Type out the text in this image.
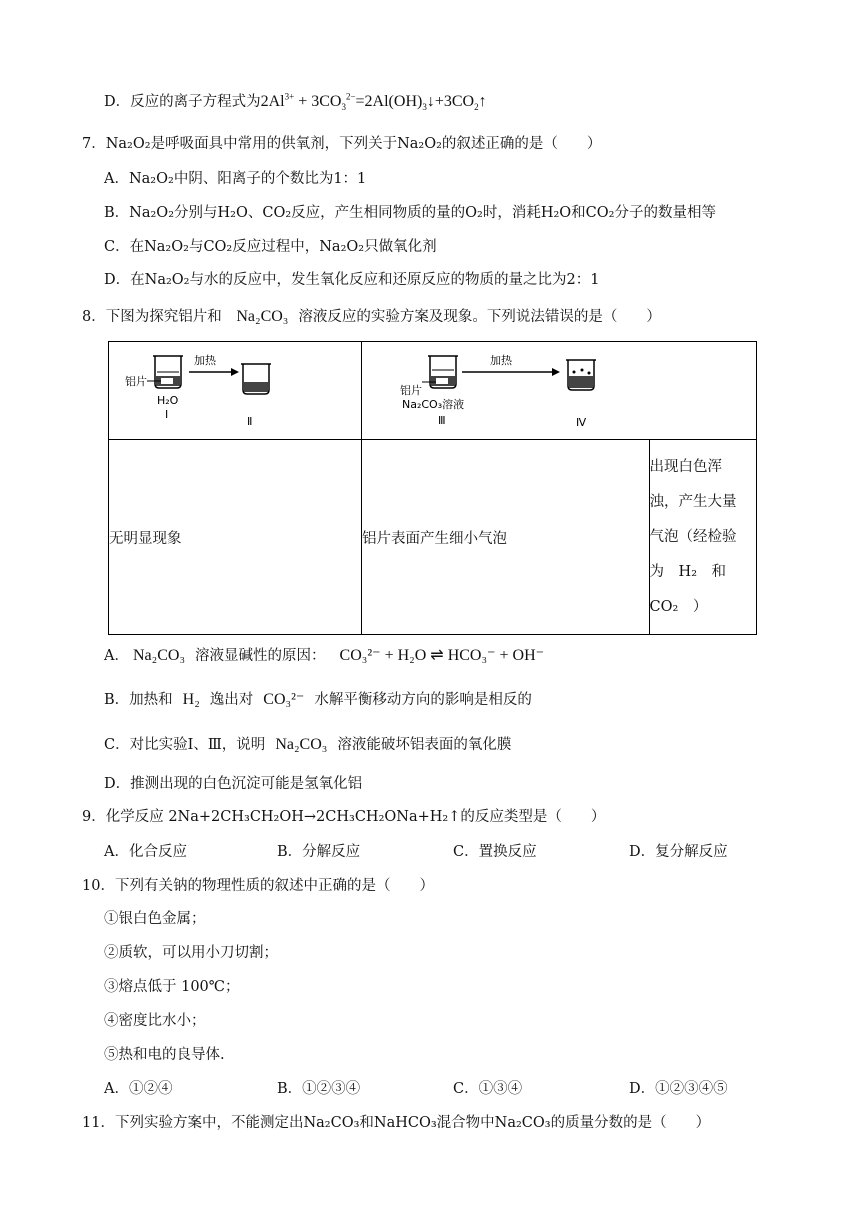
D．反应的离子方程式为$2Al^{3+}$ + $3CO_3^{2-}=2Al(OH)_3↓+3CO_2↑$
7．Na₂O₂是呼吸面具中常用的供氧剂，下列关于Na₂O₂的叙述正确的是（　　）
A．Na₂O₂中阴、阳离子的个数比为1：1
B．Na₂O₂分别与H₂O、CO₂反应，产生相同物质的量的O₂时，消耗H₂O和CO₂分子的数量相等
C．在Na₂O₂与CO₂反应过程中，Na₂O₂只做氧化剂
D．在Na₂O₂与水的反应中，发生氧化反应和还原反应的物质的量之比为2：1
8．下图为探究铝片和 Na₂CO₃ 溶液反应的实验方案及现象。下列说法错误的是（　　）
加热
铝片
H₂O
Ⅰ
Ⅱ	加热
铝片
Na₂CO₃溶液
Ⅲ Ⅳ	

无明显现象	铝片表面产生细小气泡	出现白色浑
浊，产生大量
气泡（经检验
为　H₂　和
CO₂　）
A． Na₂CO₃ 溶液显碱性的原因： CO₃²⁻ + H₂O ⇌ HCO₃⁻ + OH⁻
B．加热和 H₂ 逸出对 CO₃²⁻ 水解平衡移动方向的影响是相反的
C．对比实验Ⅰ、Ⅲ，说明 Na₂CO₃ 溶液能破坏铝表面的氧化膜
D．推测出现的白色沉淀可能是氢氧化铝
9．化学反应 2Na+2CH₃CH₂OH→2CH₃CH₂ONa+H₂↑的反应类型是（　　）
A．化合反应	B．分解反应	C．置换反应	D．复分解反应
10．下列有关钠的物理性质的叙述中正确的是（　　）
①银白色金属；
②质软，可以用小刀切割；
③熔点低于 100℃；
④密度比水小；
⑤热和电的良导体.
A．①②④	B．①②③④	C．①③④	D．①②③④⑤
11．下列实验方案中，不能测定出Na₂CO₃和NaHCO₃混合物中Na₂CO₃的质量分数的是（　　）
